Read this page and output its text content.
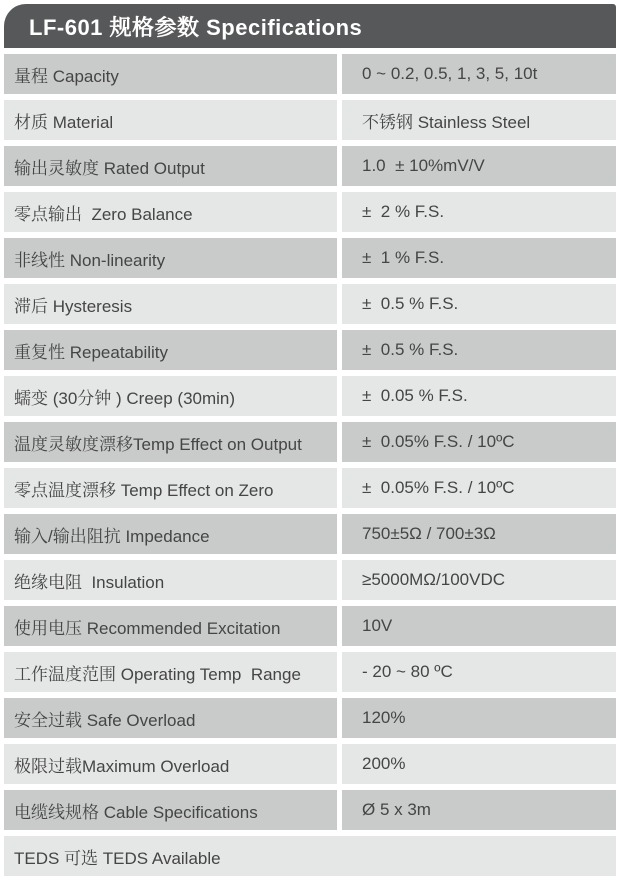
LF-601 规格参数 Specifications
量程 Capacity	0 ~ 0.2, 0.5, 1, 3, 5, 10t
材质 Material	不锈钢 Stainless Steel
输出灵敏度 Rated Output	1.0  ± 10%mV/V
零点输出  Zero Balance	±  2 % F.S.
非线性 Non-linearity	±  1 % F.S.
滞后 Hysteresis	±  0.5 % F.S.
重复性 Repeatability	±  0.5 % F.S.
蠕变 (30分钟 ) Creep (30min)	±  0.05 % F.S.
温度灵敏度漂移Temp Effect on Output	±  0.05% F.S. / 10ºC
零点温度漂移 Temp Effect on Zero	±  0.05% F.S. / 10ºC
输入/输出阻抗 Impedance	750±5Ω / 700±3Ω
绝缘电阻  Insulation	≥5000MΩ/100VDC
使用电压 Recommended Excitation	10V
工作温度范围 Operating Temp  Range	- 20 ~ 80 ºC
安全过载 Safe Overload	120%
极限过载Maximum Overload	200%
电缆线规格 Cable Specifications	Ø 5 x 3m
TEDS 可选 TEDS Available
